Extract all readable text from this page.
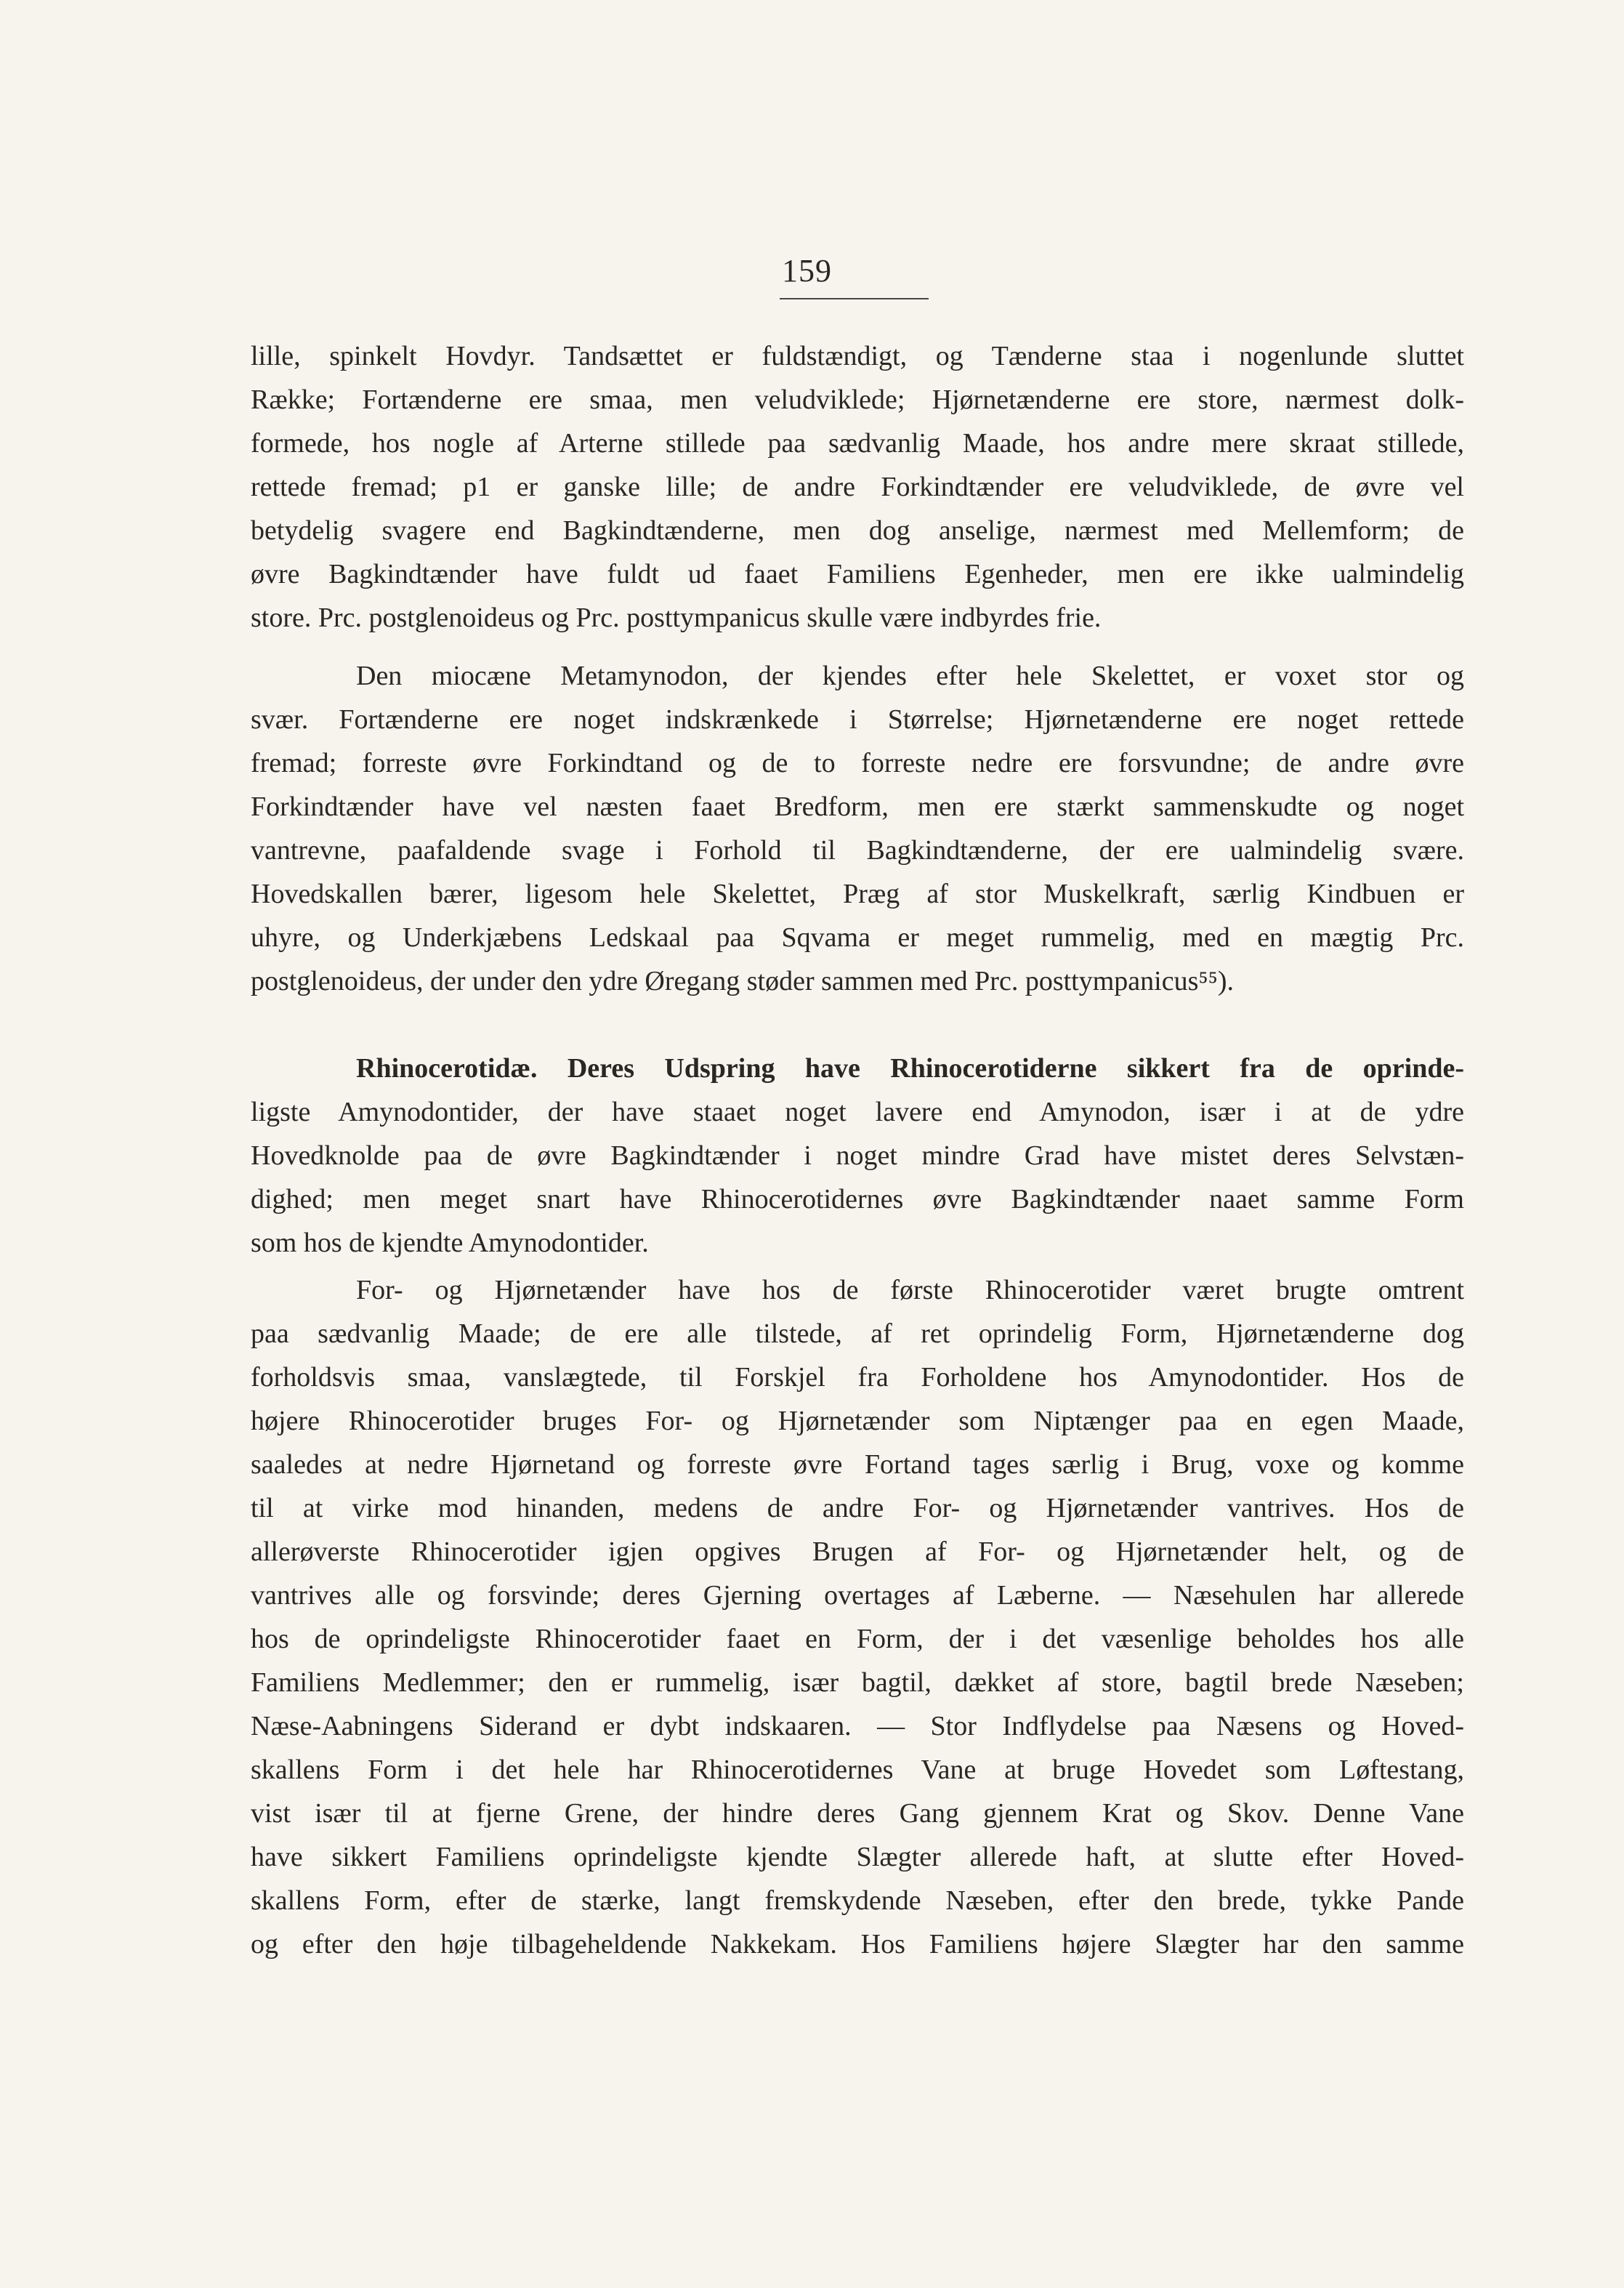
159
lille, spinkelt Hovdyr. Tandsættet er fuldstændigt, og Tænderne staa i nogenlunde sluttet
Række; Fortænderne ere smaa, men veludviklede; Hjørnetænderne ere store, nærmest dolk-
formede, hos nogle af Arterne stillede paa sædvanlig Maade, hos andre mere skraat stillede,
rettede fremad; p1 er ganske lille; de andre Forkindtænder ere veludviklede, de øvre vel
betydelig svagere end Bagkindtænderne, men dog anselige, nærmest med Mellemform; de
øvre Bagkindtænder have fuldt ud faaet Familiens Egenheder, men ere ikke ualmindelig
store. Prc. postglenoideus og Prc. posttympanicus skulle være indbyrdes frie.
Den miocæne Metamynodon, der kjendes efter hele Skelettet, er voxet stor og
svær. Fortænderne ere noget indskrænkede i Størrelse; Hjørnetænderne ere noget rettede
fremad; forreste øvre Forkindtand og de to forreste nedre ere forsvundne; de andre øvre
Forkindtænder have vel næsten faaet Bredform, men ere stærkt sammenskudte og noget
vantrevne, paafaldende svage i Forhold til Bagkindtænderne, der ere ualmindelig svære.
Hovedskallen bærer, ligesom hele Skelettet, Præg af stor Muskelkraft, særlig Kindbuen er
uhyre, og Underkjæbens Ledskaal paa Sqvama er meget rummelig, med en mægtig Prc.
postglenoideus, der under den ydre Øregang støder sammen med Prc. posttympanicus⁵⁵).
Rhinocerotidæ. Deres Udspring have Rhinocerotiderne sikkert fra de oprinde-
ligste Amynodontider, der have staaet noget lavere end Amynodon, især i at de ydre
Hovedknolde paa de øvre Bagkindtænder i noget mindre Grad have mistet deres Selvstæn-
dighed; men meget snart have Rhinocerotidernes øvre Bagkindtænder naaet samme Form
som hos de kjendte Amynodontider.
For- og Hjørnetænder have hos de første Rhinocerotider været brugte omtrent
paa sædvanlig Maade; de ere alle tilstede, af ret oprindelig Form, Hjørnetænderne dog
forholdsvis smaa, vanslægtede, til Forskjel fra Forholdene hos Amynodontider. Hos de
højere Rhinocerotider bruges For- og Hjørnetænder som Niptænger paa en egen Maade,
saaledes at nedre Hjørnetand og forreste øvre Fortand tages særlig i Brug, voxe og komme
til at virke mod hinanden, medens de andre For- og Hjørnetænder vantrives. Hos de
allerøverste Rhinocerotider igjen opgives Brugen af For- og Hjørnetænder helt, og de
vantrives alle og forsvinde; deres Gjerning overtages af Læberne. — Næsehulen har allerede
hos de oprindeligste Rhinocerotider faaet en Form, der i det væsenlige beholdes hos alle
Familiens Medlemmer; den er rummelig, især bagtil, dækket af store, bagtil brede Næseben;
Næse-Aabningens Siderand er dybt indskaaren. — Stor Indflydelse paa Næsens og Hoved-
skallens Form i det hele har Rhinocerotidernes Vane at bruge Hovedet som Løftestang,
vist især til at fjerne Grene, der hindre deres Gang gjennem Krat og Skov. Denne Vane
have sikkert Familiens oprindeligste kjendte Slægter allerede haft, at slutte efter Hoved-
skallens Form, efter de stærke, langt fremskydende Næseben, efter den brede, tykke Pande
og efter den høje tilbageheldende Nakkekam. Hos Familiens højere Slægter har den samme
